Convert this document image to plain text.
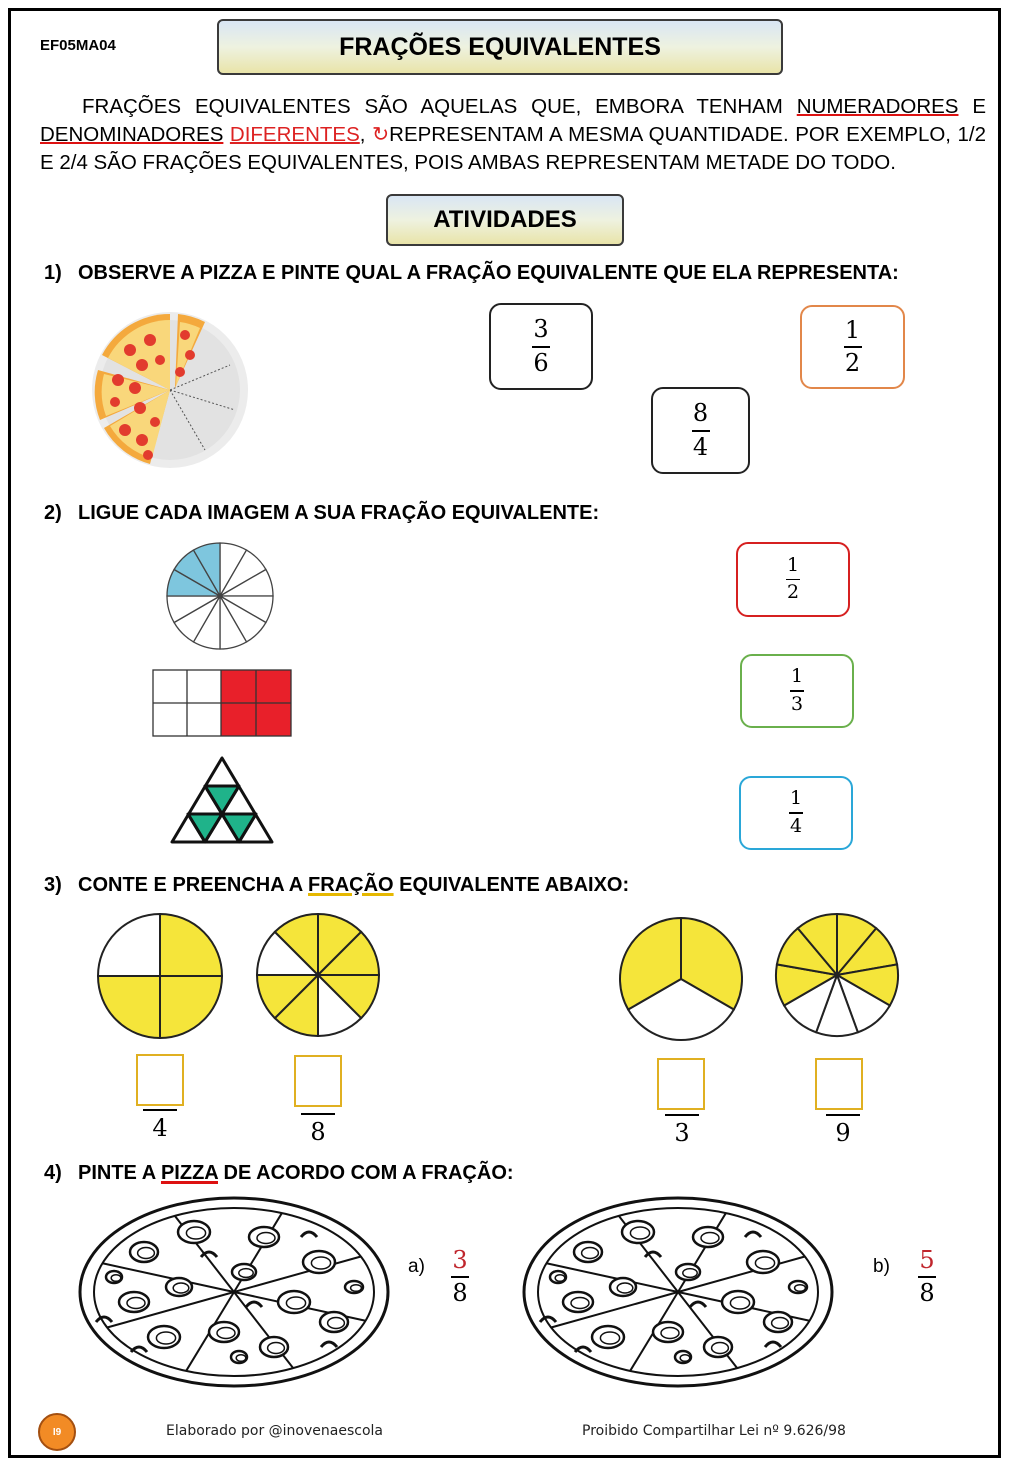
EF05MA04	FRAÇÕES EQUIVALENTES
FRAÇÕES EQUIVALENTES SÃO AQUELAS QUE, EMBORA TENHAM NUMERADORES E DENOMINADORES DIFERENTES, ↻REPRESENTAM A MESMA QUANTIDADE. POR EXEMPLO, 1/2 E 2/4 SÃO FRAÇÕES EQUIVALENTES, POIS AMBAS REPRESENTAM METADE DO TODO.
ATIVIDADES
1) OBSERVE A PIZZA E PINTE QUAL A FRAÇÃO EQUIVALENTE QUE ELA REPRESENTA:
$\frac{3}{6}$	$\frac{1}{2}$
$\frac{8}{4}$
2) LIGUE CADA IMAGEM A SUA FRAÇÃO EQUIVALENTE:
$\frac{1}{2}$
$\frac{1}{3}$
$\frac{1}{4}$
3) CONTE E PREENCHA A FRAÇÃO EQUIVALENTE ABAIXO:
4	8	3	9
4) PINTE A PIZZA DE ACORDO COM A FRAÇÃO:
a) 3
8
b) 5
8
I9	Elaborado por @inovenaescola	Proibido Compartilhar Lei nº 9.626/98
